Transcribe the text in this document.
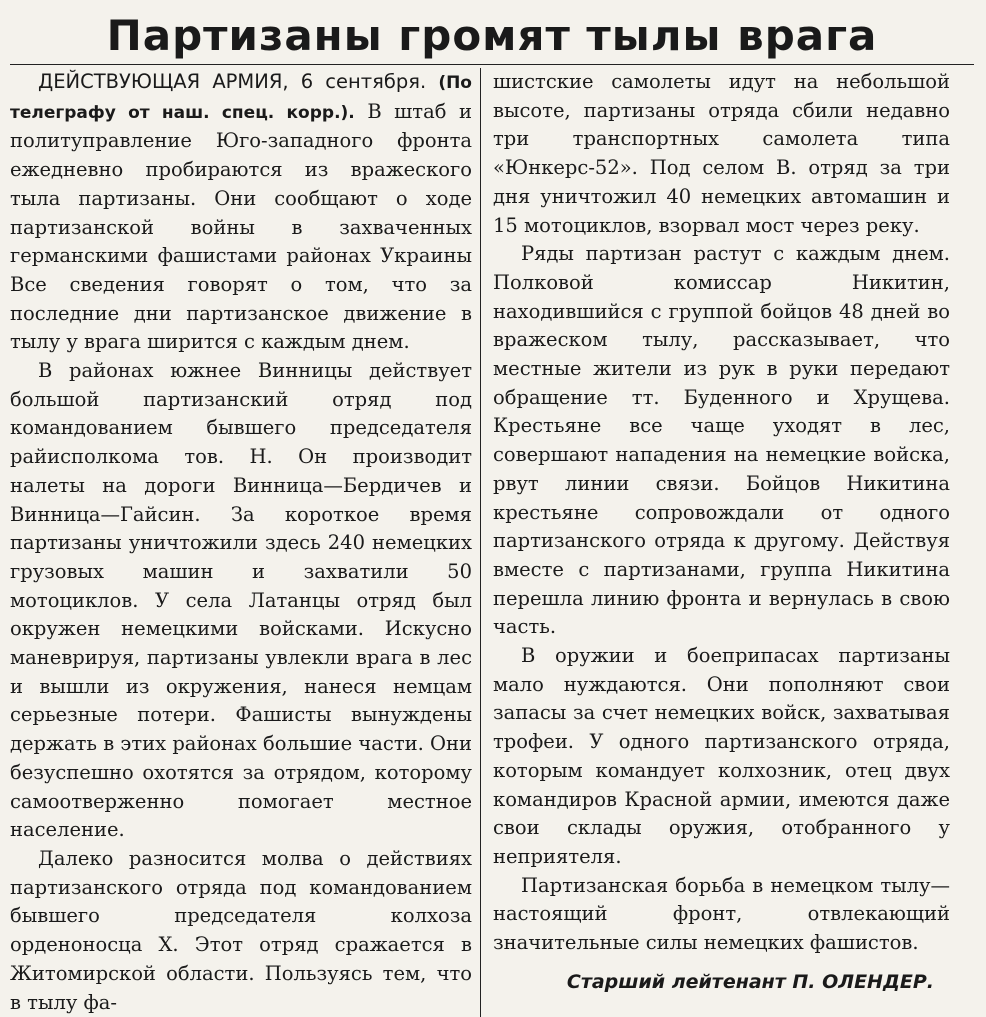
Партизаны громят тылы врага

ДЕЙСТВУЮЩАЯ АРМИЯ, 6 сентября. (По телеграфу от наш. спец. корр.). В штаб и политуправление Юго-западного фронта ежедневно пробираются из вражеского тыла партизаны. Они сообщают о ходе партизанской войны в захваченных германскими фашистами районах Украины Все сведения говорят о том, что за последние дни партизанское движение в тылу у врага ширится с каждым днем.

В районах южнее Винницы действует большой партизанский отряд под командованием бывшего председателя райисполкома тов. Н. Он производит налеты на дороги Винница—Бердичев и Винница—Гайсин. За короткое время партизаны уничтожили здесь 240 немецких грузовых машин и захватили 50 мотоциклов. У села Латанцы отряд был окружен немецкими войсками. Искусно маневрируя, партизаны увлекли врага в лес и вышли из окружения, нанеся немцам серьезные потери. Фашисты вынуждены держать в этих районах большие части. Они безуспешно охотятся за отрядом, которому самоотверженно помогает местное население.

Далеко разносится молва о действиях партизанского отряда под командованием бывшего председателя колхоза орденоносца Х. Этот отряд сражается в Житомирской области. Пользуясь тем, что в тылу фа-

шистские самолеты идут на небольшой высоте, партизаны отряда сбили недавно три транспортных самолета типа «Юнкерс-52». Под селом В. отряд за три дня уничтожил 40 немецких автомашин и 15 мотоциклов, взорвал мост через реку.

Ряды партизан растут с каждым днем. Полковой комиссар Никитин, находившийся с группой бойцов 48 дней во вражеском тылу, рассказывает, что местные жители из рук в руки передают обращение тт. Буденного и Хрущева. Крестьяне все чаще уходят в лес, совершают нападения на немецкие войска, рвут линии связи. Бойцов Никитина крестьяне сопровождали от одного партизанского отряда к другому. Действуя вместе с партизанами, группа Никитина перешла линию фронта и вернулась в свою часть.

В оружии и боеприпасах партизаны мало нуждаются. Они пополняют свои запасы за счет немецких войск, захватывая трофеи. У одного партизанского отряда, которым командует колхозник, отец двух командиров Красной армии, имеются даже свои склады оружия, отобранного у неприятеля.

Партизанская борьба в немецком тылу—настоящий фронт, отвлекающий значительные силы немецких фашистов.

Старший лейтенант П. ОЛЕНДЕР.
